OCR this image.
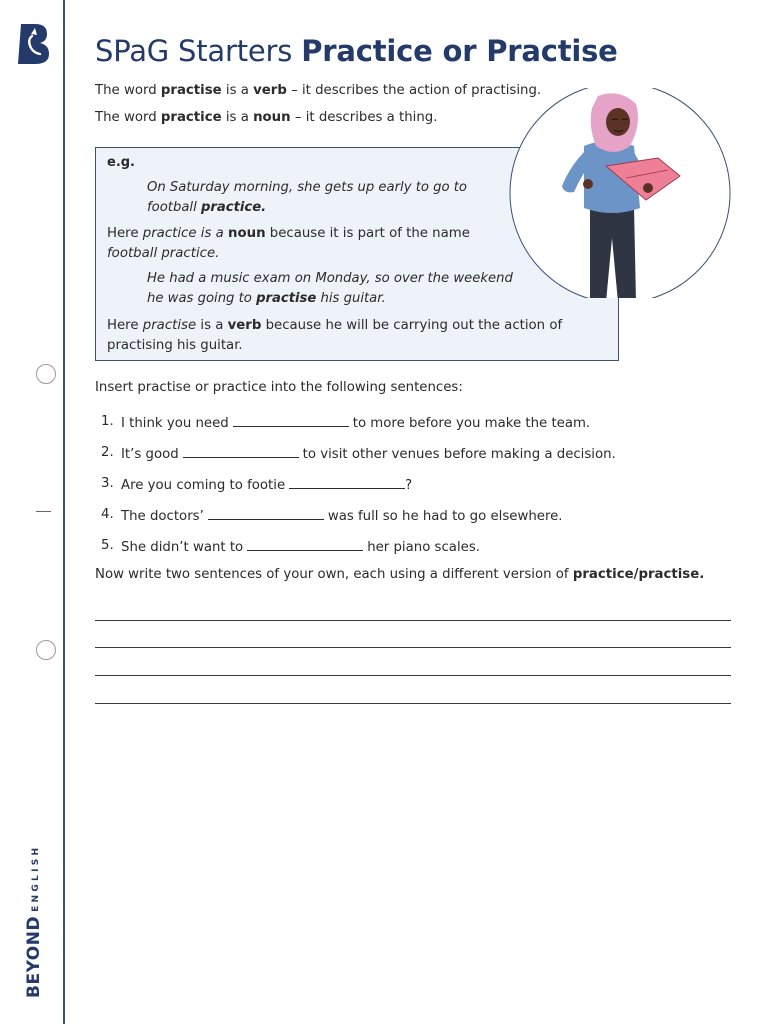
BEYONDENGLISH
SPaG Starters Practice or Practise
The word practise is a verb – it describes the action of practising.
The word practice is a noun – it describes a thing.
e.g.

On Saturday morning, she gets up early to go to

football practice.

Here practice is a noun because it is part of the name

football practice.

He had a music exam on Monday, so over the weekend

he was going to practise his guitar.

Here practise is a verb because he will be carrying out the action of

practising his guitar.

Insert practise or practice into the following sentences:
1. I think you need	to more before you make the team.
2. It’s good	to visit other venues before making a decision.
3. Are you coming to footie	?
4. The doctors’	was full so he had to go elsewhere.
5. She didn’t want to	her piano scales.
Now write two sentences of your own, each using a different version of practice/practise.
